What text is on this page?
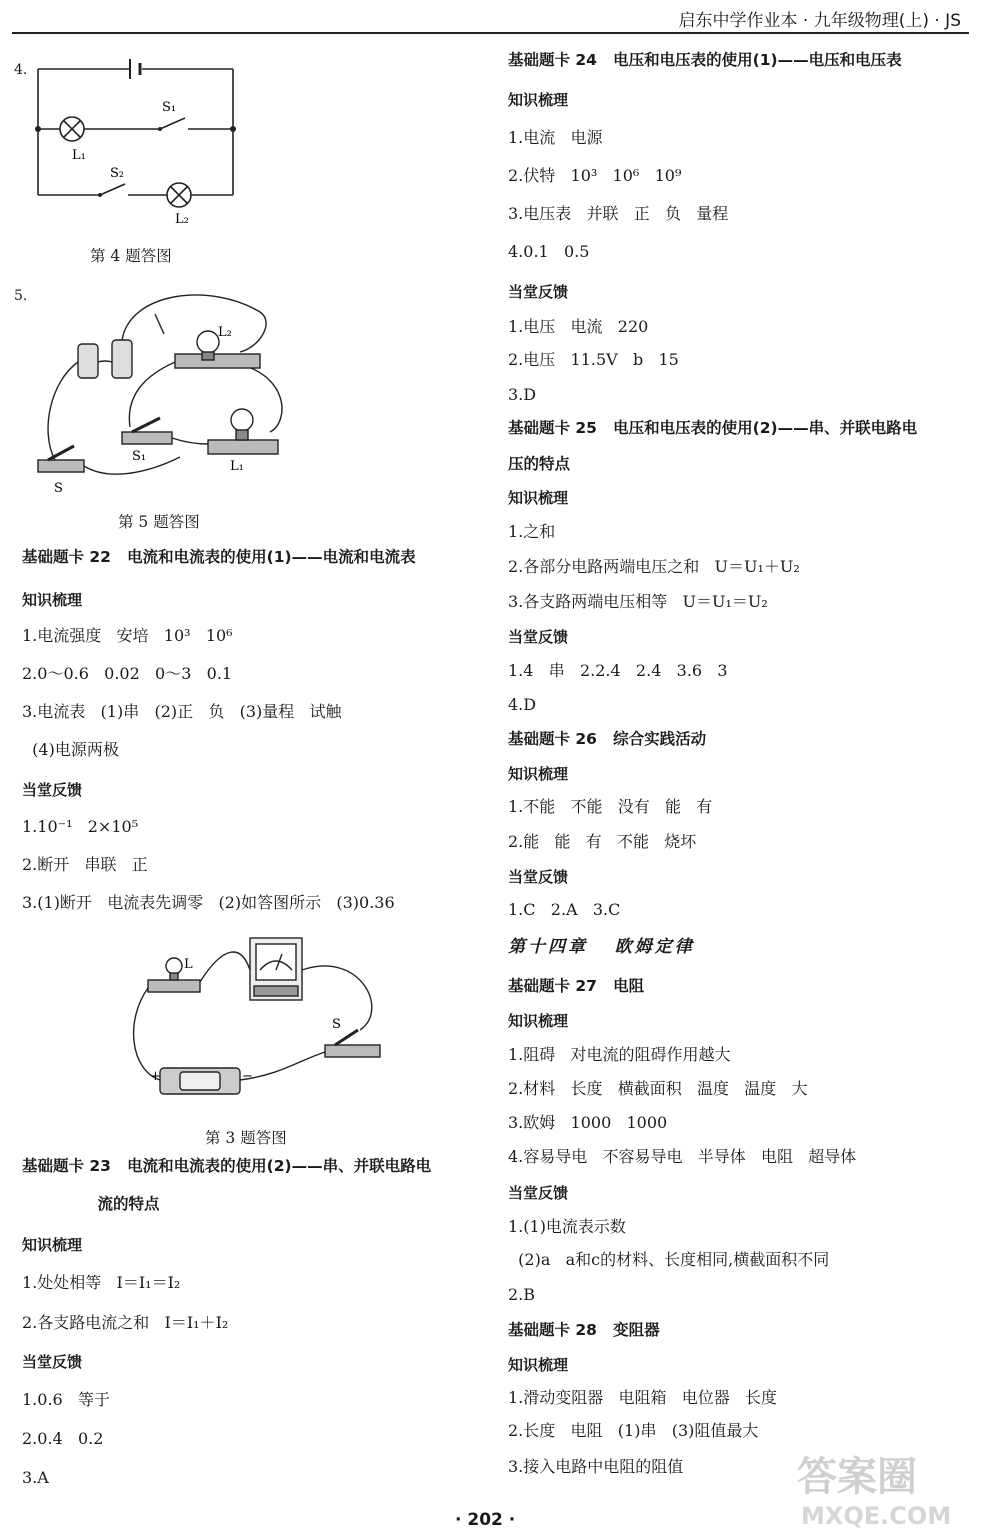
启东中学作业本 · 九年级物理(上) · JS
4.
S₁
L₁
S₂
L₂
第 4 题答图
5.
L₂
S₁
L₁
S
第 5 题答图
基础题卡 22   电流和电流表的使用(1)——电流和电流表
知识梳理
1.电流强度   安培   10³   10⁶
2.0～0.6   0.02   0～3   0.1
3.电流表   (1)串   (2)正   负   (3)量程   试触
(4)电源两极
当堂反馈
1.10⁻¹   2×10⁵
2.断开   串联   正
3.(1)断开   电流表先调零   (2)如答图所示   (3)0.36
基础题卡 23   电流和电流表的使用(2)——串、并联电路电
流的特点
知识梳理
1.处处相等   I＝I₁＝I₂
2.各支路电流之和   I＝I₁＋I₂
当堂反馈
1.0.6   等于
2.0.4   0.2
3.A
L
S
+	−
第 3 题答图
基础题卡 24   电压和电压表的使用(1)——电压和电压表
知识梳理
1.电流   电源
2.伏特   10³   10⁶   10⁹
3.电压表   并联   正   负   量程
4.0.1   0.5
当堂反馈
1.电压   电流   220
2.电压   11.5V   b   15
3.D
基础题卡 25   电压和电压表的使用(2)——串、并联电路电
压的特点
知识梳理
1.之和
2.各部分电路两端电压之和   U＝U₁＋U₂
3.各支路两端电压相等   U＝U₁＝U₂
当堂反馈
1.4   串   2.2.4   2.4   3.6   3
4.D
基础题卡 26   综合实践活动
知识梳理
1.不能   不能   没有   能   有
2.能   能   有   不能   烧坏
当堂反馈
1.C   2.A   3.C
第十四章   欧姆定律
基础题卡 27   电阻
知识梳理
1.阻碍   对电流的阻碍作用越大
2.材料   长度   横截面积   温度   温度   大
3.欧姆   1000   1000
4.容易导电   不容易导电   半导体   电阻   超导体
当堂反馈
1.(1)电流表示数
(2)a   a和c的材料、长度相同,横截面积不同
2.B
基础题卡 28   变阻器
知识梳理
1.滑动变阻器   电阻箱   电位器   长度
2.长度   电阻   (1)串   (3)阻值最大
3.接入电路中电阻的阻值
· 202 ·
答案圈
MXQE.COM
